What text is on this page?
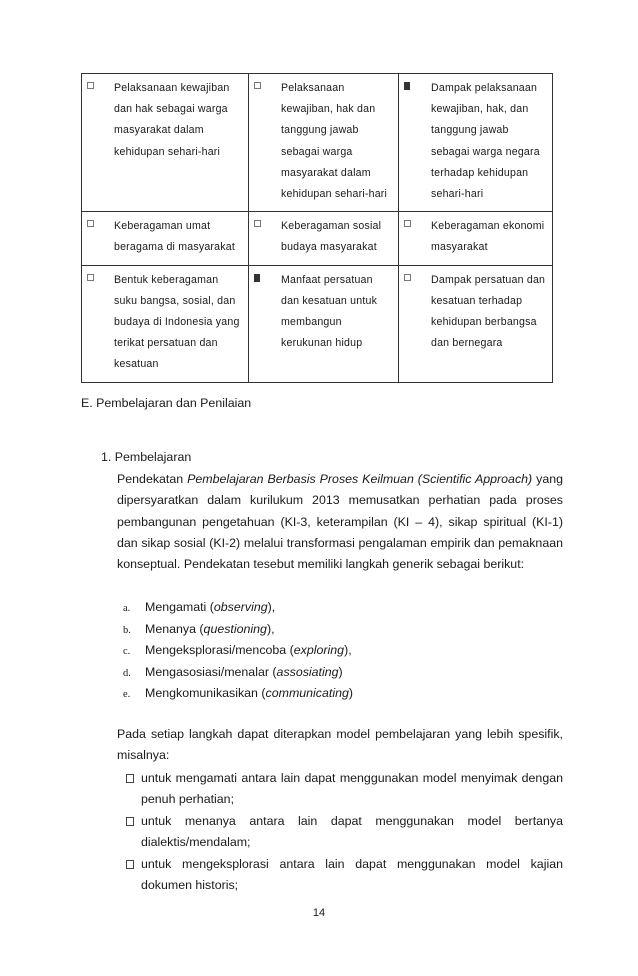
Pelaksanaan kewajiban dan hak sebagai warga masyarakat dalam kehidupan sehari-hari	Pelaksanaan kewajiban, hak dan tanggung jawab sebagai warga masyarakat dalam kehidupan sehari-hari	Dampak pelaksanaan kewajiban, hak, dan tanggung jawab sebagai warga negara terhadap kehidupan sehari-hari

Keberagaman umat beragama di masyarakat	Keberagaman sosial budaya masyarakat	Keberagaman ekonomi masyarakat

Bentuk keberagaman suku bangsa, sosial, dan budaya di Indonesia yang terikat persatuan dan kesatuan	Manfaat persatuan dan kesatuan untuk membangun kerukunan hidup	Dampak persatuan dan kesatuan terhadap kehidupan berbangsa dan bernegara
E. Pembelajaran dan Penilaian
1. Pembelajaran
Pendekatan Pembelajaran Berbasis Proses Keilmuan (Scientific Approach) yang dipersyaratkan dalam kurilukum 2013 memusatkan perhatian pada proses pembangunan pengetahuan (KI-3, keterampilan (KI – 4), sikap spiritual (KI-1) dan sikap sosial (KI-2) melalui transformasi pengalaman empirik dan pemaknaan konseptual. Pendekatan tesebut memiliki langkah generik sebagai berikut:
a. Mengamati (observing),
b. Menanya (questioning),
c. Mengeksplorasi/mencoba (exploring),
d. Mengasosiasi/menalar (assosiating)
e. Mengkomunikasikan (communicating)
Pada setiap langkah dapat diterapkan model pembelajaran yang lebih spesifik, misalnya:
untuk mengamati antara lain dapat menggunakan model menyimak dengan penuh perhatian;
untuk menanya antara lain dapat menggunakan model bertanya dialektis/mendalam;
untuk mengeksplorasi antara lain dapat menggunakan model kajian dokumen historis;
14
